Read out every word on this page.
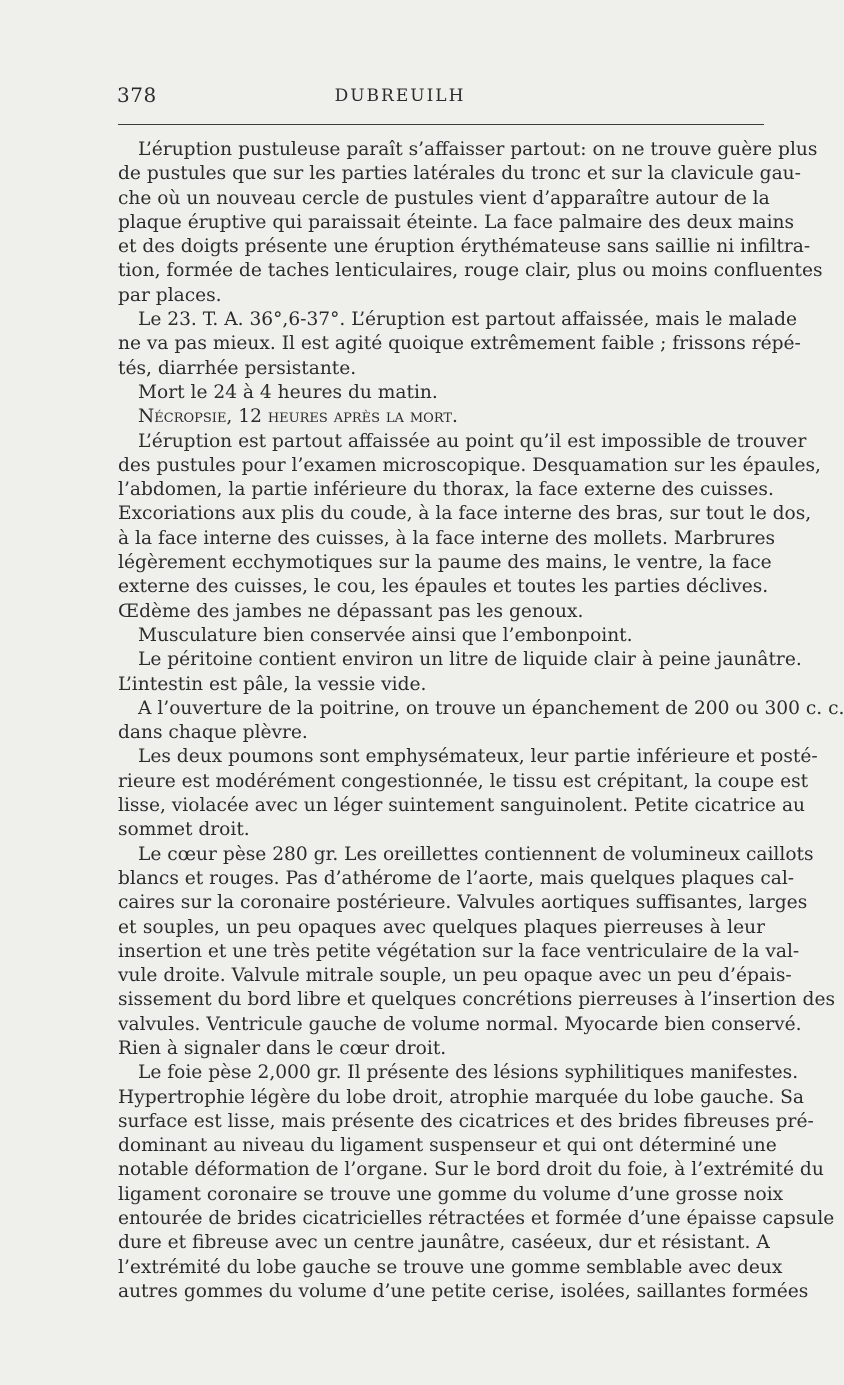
378	DUBREUILH
L’éruption pustuleuse paraît s’affaisser partout: on ne trouve guère plus
de pustules que sur les parties latérales du tronc et sur la clavicule gau-
che où un nouveau cercle de pustules vient d’apparaître autour de la
plaque éruptive qui paraissait éteinte. La face palmaire des deux mains
et des doigts présente une éruption érythémateuse sans saillie ni infiltra-
tion, formée de taches lenticulaires, rouge clair, plus ou moins confluentes
par places.
Le 23. T. A. 36°,6-37°. L’éruption est partout affaissée, mais le malade
ne va pas mieux. Il est agité quoique extrêmement faible ; frissons répé-
tés, diarrhée persistante.
Mort le 24 à 4 heures du matin.
Nécropsie, 12 heures après la mort.
L’éruption est partout affaissée au point qu’il est impossible de trouver
des pustules pour l’examen microscopique. Desquamation sur les épaules,
l’abdomen, la partie inférieure du thorax, la face externe des cuisses.
Excoriations aux plis du coude, à la face interne des bras, sur tout le dos,
à la face interne des cuisses, à la face interne des mollets. Marbrures
légèrement ecchymotiques sur la paume des mains, le ventre, la face
externe des cuisses, le cou, les épaules et toutes les parties déclives.
Œdème des jambes ne dépassant pas les genoux.
Musculature bien conservée ainsi que l’embonpoint.
Le péritoine contient environ un litre de liquide clair à peine jaunâtre.
L’intestin est pâle, la vessie vide.
A l’ouverture de la poitrine, on trouve un épanchement de 200 ou 300 c. c.
dans chaque plèvre.
Les deux poumons sont emphysémateux, leur partie inférieure et posté-
rieure est modérément congestionnée, le tissu est crépitant, la coupe est
lisse, violacée avec un léger suintement sanguinolent. Petite cicatrice au
sommet droit.
Le cœur pèse 280 gr. Les oreillettes contiennent de volumineux caillots
blancs et rouges. Pas d’athérome de l’aorte, mais quelques plaques cal-
caires sur la coronaire postérieure. Valvules aortiques suffisantes, larges
et souples, un peu opaques avec quelques plaques pierreuses à leur
insertion et une très petite végétation sur la face ventriculaire de la val-
vule droite. Valvule mitrale souple, un peu opaque avec un peu d’épais-
sissement du bord libre et quelques concrétions pierreuses à l’insertion des
valvules. Ventricule gauche de volume normal. Myocarde bien conservé.
Rien à signaler dans le cœur droit.
Le foie pèse 2,000 gr. Il présente des lésions syphilitiques manifestes.
Hypertrophie légère du lobe droit, atrophie marquée du lobe gauche. Sa
surface est lisse, mais présente des cicatrices et des brides fibreuses pré-
dominant au niveau du ligament suspenseur et qui ont déterminé une
notable déformation de l’organe. Sur le bord droit du foie, à l’extrémité du
ligament coronaire se trouve une gomme du volume d’une grosse noix
entourée de brides cicatricielles rétractées et formée d’une épaisse capsule
dure et fibreuse avec un centre jaunâtre, caséeux, dur et résistant. A
l’extrémité du lobe gauche se trouve une gomme semblable avec deux
autres gommes du volume d’une petite cerise, isolées, saillantes formées
